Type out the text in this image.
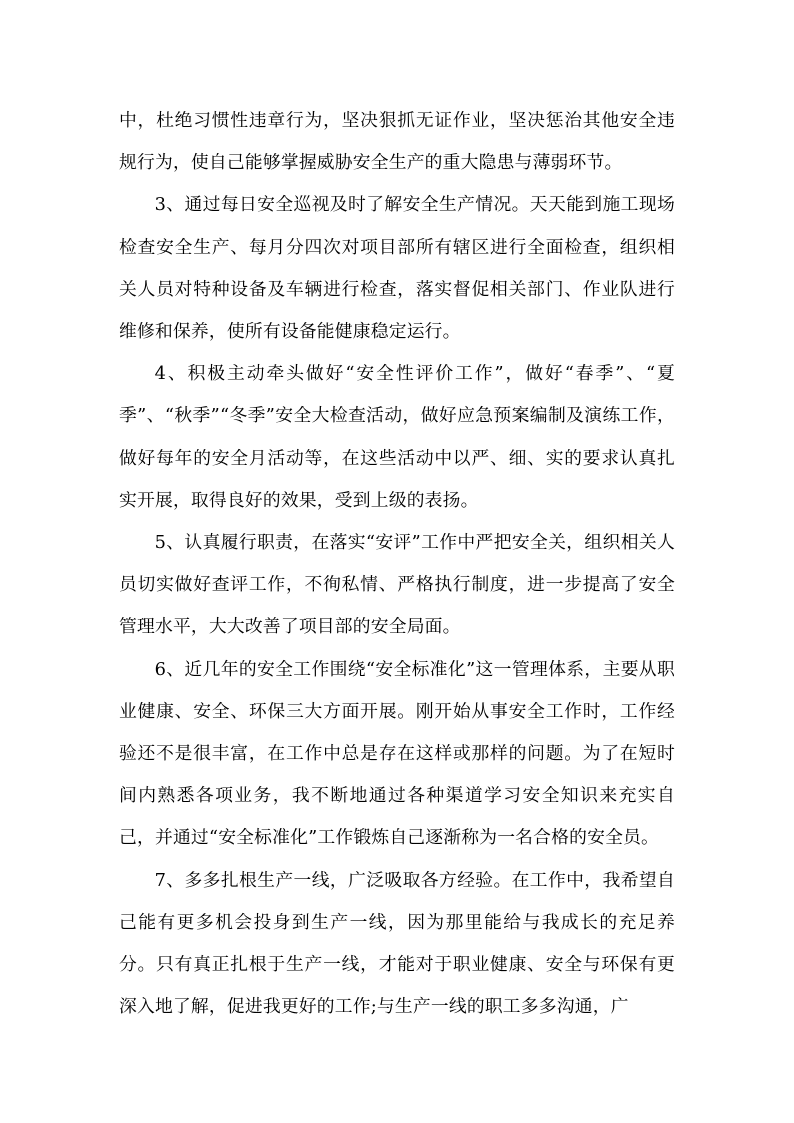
中，杜绝习惯性违章行为，坚决狠抓无证作业，坚决惩治其他安全违规行为，使自己能够掌握威胁安全生产的重大隐患与薄弱环节。

3、通过每日安全巡视及时了解安全生产情况。天天能到施工现场检查安全生产、每月分四次对项目部所有辖区进行全面检查，组织相关人员对特种设备及车辆进行检查，落实督促相关部门、作业队进行维修和保养，使所有设备能健康稳定运行。

4、积极主动牵头做好“安全性评价工作”，做好“春季”、“夏季”、“秋季”“冬季”安全大检查活动，做好应急预案编制及演练工作，做好每年的安全月活动等，在这些活动中以严、细、实的要求认真扎实开展，取得良好的效果，受到上级的表扬。

5、认真履行职责，在落实“安评”工作中严把安全关，组织相关人员切实做好查评工作，不徇私情、严格执行制度，进一步提高了安全管理水平，大大改善了项目部的安全局面。

6、近几年的安全工作围绕“安全标准化”这一管理体系，主要从职业健康、安全、环保三大方面开展。刚开始从事安全工作时，工作经验还不是很丰富，在工作中总是存在这样或那样的问题。为了在短时间内熟悉各项业务，我不断地通过各种渠道学习安全知识来充实自己，并通过“安全标准化”工作锻炼自己逐渐称为一名合格的安全员。

7、多多扎根生产一线，广泛吸取各方经验。在工作中，我希望自己能有更多机会投身到生产一线，因为那里能给与我成长的充足养分。只有真正扎根于生产一线，才能对于职业健康、安全与环保有更深入地了解，促进我更好的工作;与生产一线的职工多多沟通，广
